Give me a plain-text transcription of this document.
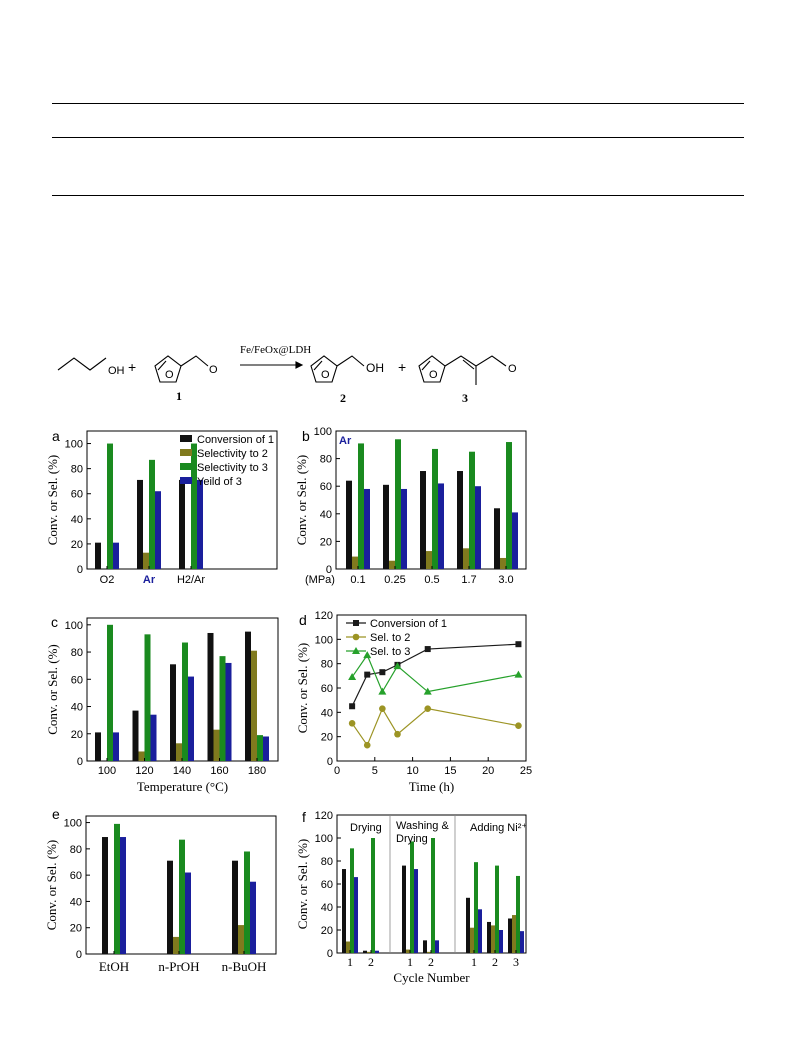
OH +	O	O
Fe/FeOx@LDH
1
O	OH
2
+ O	O
3
a
0
20
40
60
80
100
Conv. or Sel. (%)
O2	Ar H2/Ar
Conversion of 1
Selectivity to 2
Selectivity to 3
Yeild of 3
b
0
20
40
60
80
100
Conv. or Sel. (%)
0.1 0.25 0.5 1.7 3.0
(MPa)
Ar
c
0
20
40
60
80
100
Conv. or Sel. (%)
100 120 140 160 180
Temperature (°C)
d
0
20
40
60
80
100
120
Conv. or Sel. (%)
0	5	10 15 20 25
Time (h)
Conversion of 1
Sel. to 2
Sel. to 3
e
0
20
40
60
80
100
Conv. or Sel. (%)
EtOH n-PrOH n-BuOH
f
0
20
40
60
80
100
120
Conv. or Sel. (%)
1 2	1 2	1 2 3
Cycle Number
Drying Washing &
Drying
Adding Ni²⁺
